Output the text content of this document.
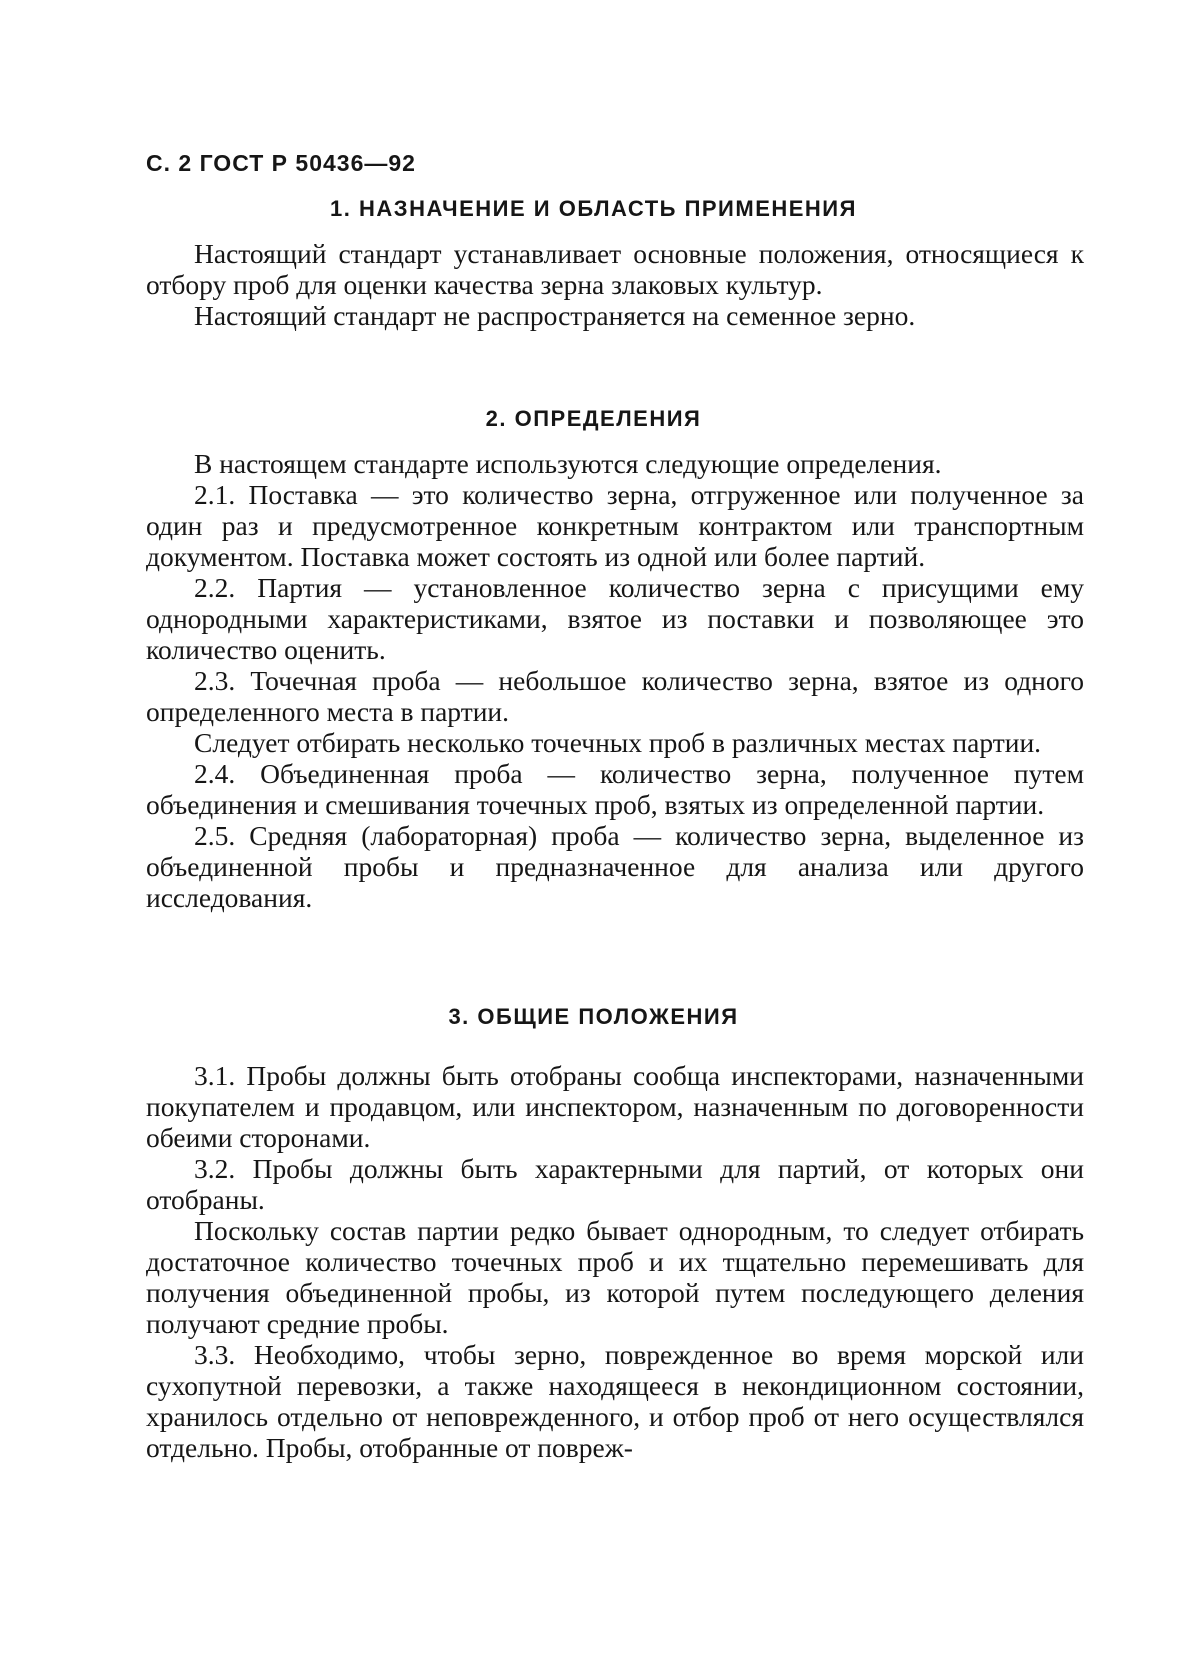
С. 2 ГОСТ Р 50436—92
1. НАЗНАЧЕНИЕ И ОБЛАСТЬ ПРИМЕНЕНИЯ

Настоящий стандарт устанавливает основные положения, относящиеся к отбору проб для оценки качества зерна злаковых культур.

Настоящий стандарт не распространяется на семенное зерно.

2. ОПРЕДЕЛЕНИЯ

В настоящем стандарте используются следующие определения.

2.1. Поставка — это количество зерна, отгруженное или полученное за один раз и предусмотренное конкретным контрактом или транспортным документом. Поставка может состоять из одной или более партий.

2.2. Партия — установленное количество зерна с присущими ему однородными характеристиками, взятое из поставки и позволяющее это количество оценить.

2.3. Точечная проба — небольшое количество зерна, взятое из одного определенного места в партии.

Следует отбирать несколько точечных проб в различных местах партии.

2.4. Объединенная проба — количество зерна, полученное путем объединения и смешивания точечных проб, взятых из определенной партии.

2.5. Средняя (лабораторная) проба — количество зерна, выделенное из объединенной пробы и предназначенное для анализа или другого исследования.

3. ОБЩИЕ ПОЛОЖЕНИЯ

3.1. Пробы должны быть отобраны сообща инспекторами, назначенными покупателем и продавцом, или инспектором, назначенным по договоренности обеими сторонами.

3.2. Пробы должны быть характерными для партий, от которых они отобраны.

Поскольку состав партии редко бывает однородным, то следует отбирать достаточное количество точечных проб и их тщательно перемешивать для получения объединенной пробы, из которой путем последующего деления получают средние пробы.

3.3. Необходимо, чтобы зерно, поврежденное во время морской или сухопутной перевозки, а также находящееся в некондиционном состоянии, хранилось отдельно от неповрежденного, и отбор проб от него осуществлялся отдельно. Пробы, отобранные от повреж-
